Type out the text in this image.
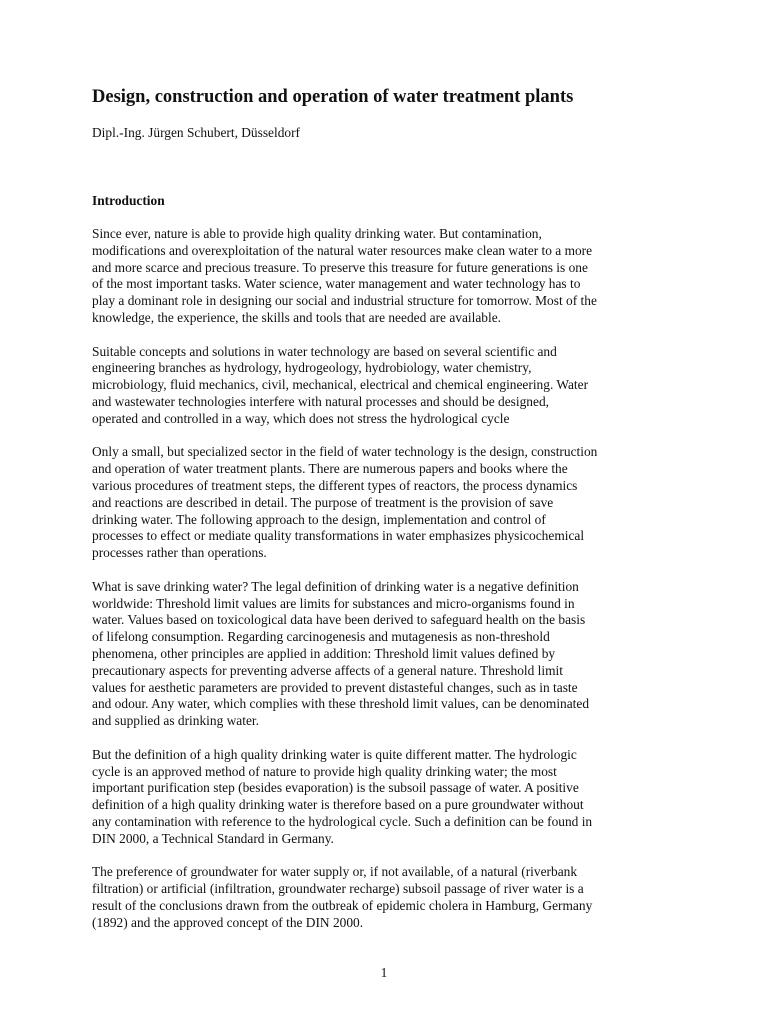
Design, construction and operation of water treatment plants

Dipl.-Ing. Jürgen Schubert, Düsseldorf

Introduction
Since ever, nature is able to provide high quality drinking water. But contamination,
modifications and overexploitation of the natural water resources make clean water to a more
and more scarce and precious treasure. To preserve this treasure for future generations is one
of the most important tasks. Water science, water management and water technology has to
play a dominant role in designing our social and industrial structure for tomorrow. Most of the
knowledge, the experience, the skills and tools that are needed are available.
Suitable concepts and solutions in water technology are based on several scientific and
engineering branches as hydrology, hydrogeology, hydrobiology, water chemistry,
microbiology, fluid mechanics, civil, mechanical, electrical and chemical engineering. Water
and wastewater technologies interfere with natural processes and should be designed,
operated and controlled in a way, which does not stress the hydrological cycle
Only a small, but specialized sector in the field of water technology is the design, construction
and operation of water treatment plants. There are numerous papers and books where the
various procedures of treatment steps, the different types of reactors, the process dynamics
and reactions are described in detail. The purpose of treatment is the provision of save
drinking water. The following approach to the design, implementation and control of
processes to effect or mediate quality transformations in water emphasizes physicochemical
processes rather than operations.
What is save drinking water? The legal definition of drinking water is a negative definition
worldwide: Threshold limit values are limits for substances and micro-organisms found in
water. Values based on toxicological data have been derived to safeguard health on the basis
of lifelong consumption. Regarding carcinogenesis and mutagenesis as non-threshold
phenomena, other principles are applied in addition: Threshold limit values defined by
precautionary aspects for preventing adverse affects of a general nature. Threshold limit
values for aesthetic parameters are provided to prevent distasteful changes, such as in taste
and odour. Any water, which complies with these threshold limit values, can be denominated
and supplied as drinking water.
But the definition of a high quality drinking water is quite different matter. The hydrologic
cycle is an approved method of nature to provide high quality drinking water; the most
important purification step (besides evaporation) is the subsoil passage of water. A positive
definition of a high quality drinking water is therefore based on a pure groundwater without
any contamination with reference to the hydrological cycle. Such a definition can be found in
DIN 2000, a Technical Standard in Germany.
The preference of groundwater for water supply or, if not available, of a natural (riverbank
filtration) or artificial (infiltration, groundwater recharge) subsoil passage of river water is a
result of the conclusions drawn from the outbreak of epidemic cholera in Hamburg, Germany
(1892) and the approved concept of the DIN 2000.

1
